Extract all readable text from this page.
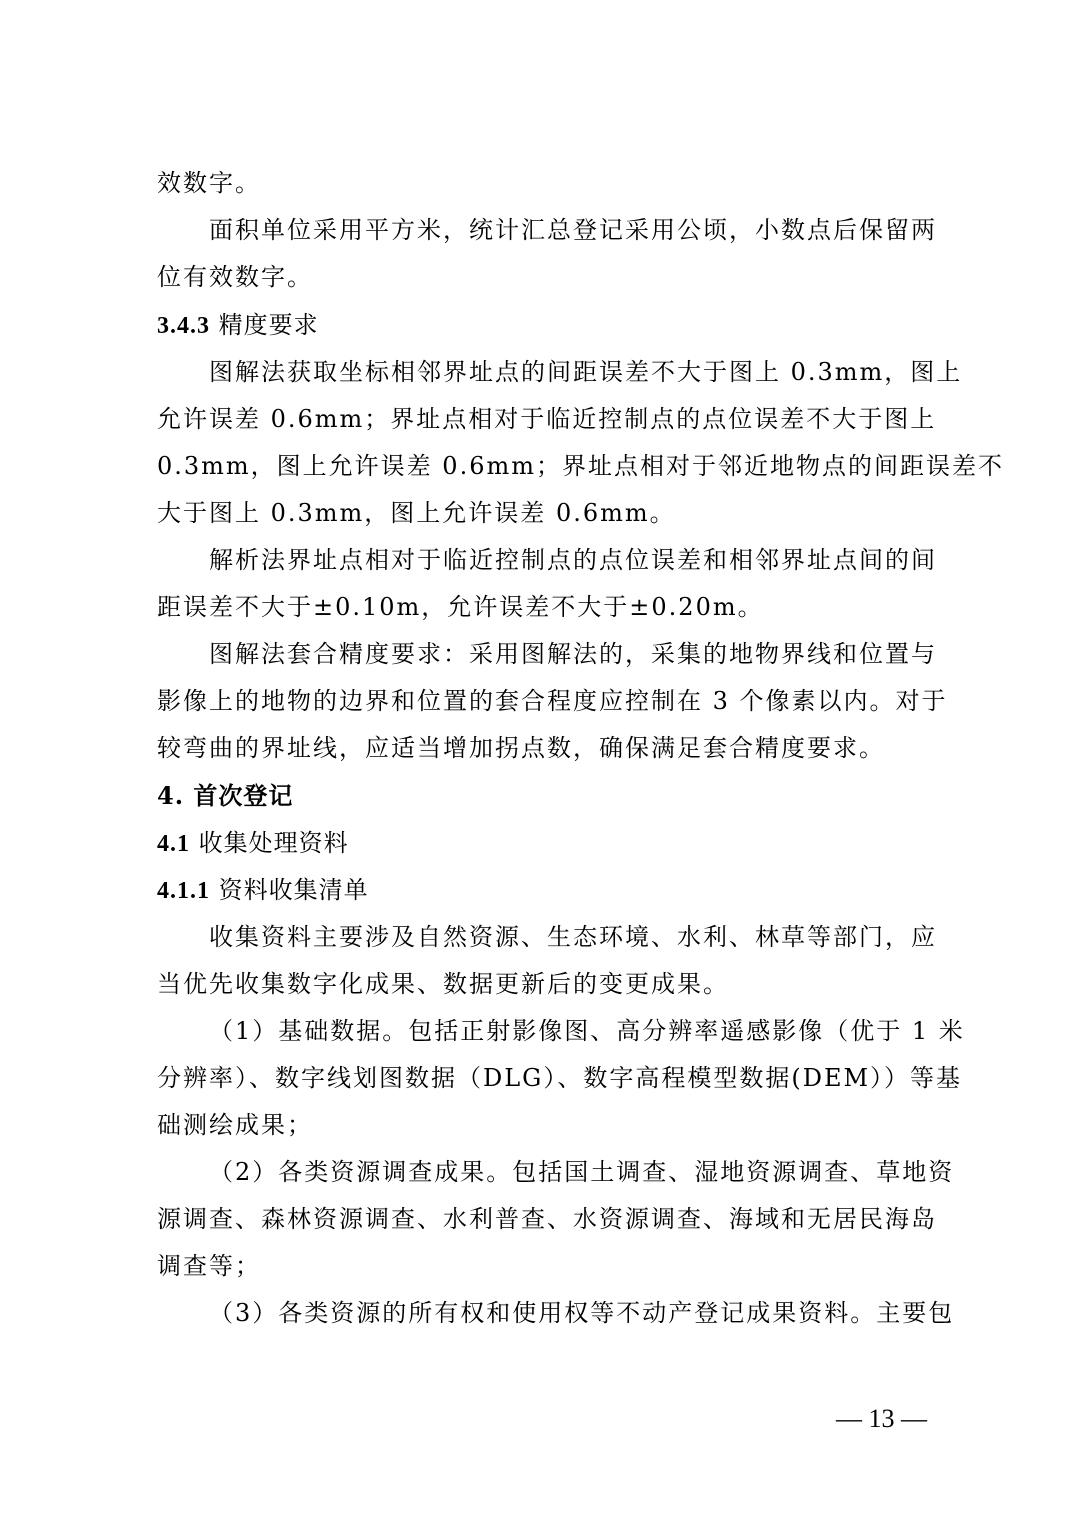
效数字。
面积单位采用平方米，统计汇总登记采用公顷，小数点后保留两
位有效数字。
3.4.3 精度要求
图解法获取坐标相邻界址点的间距误差不大于图上 0.3mm，图上
允许误差 0.6mm；界址点相对于临近控制点的点位误差不大于图上
0.3mm，图上允许误差 0.6mm；界址点相对于邻近地物点的间距误差不
大于图上 0.3mm，图上允许误差 0.6mm。
解析法界址点相对于临近控制点的点位误差和相邻界址点间的间
距误差不大于±0.10m，允许误差不大于±0.20m。
图解法套合精度要求：采用图解法的，采集的地物界线和位置与
影像上的地物的边界和位置的套合程度应控制在 3 个像素以内。对于
较弯曲的界址线，应适当增加拐点数，确保满足套合精度要求。
4. 首次登记
4.1 收集处理资料
4.1.1 资料收集清单
收集资料主要涉及自然资源、生态环境、水利、林草等部门，应
当优先收集数字化成果、数据更新后的变更成果。
（1）基础数据。包括正射影像图、高分辨率遥感影像（优于 1 米
分辨率）、数字线划图数据（DLG）、数字高程模型数据(DEM））等基
础测绘成果；
（2）各类资源调查成果。包括国土调查、湿地资源调查、草地资
源调查、森林资源调查、水利普查、水资源调查、海域和无居民海岛
调查等；
（3）各类资源的所有权和使用权等不动产登记成果资料。主要包
— 13 —
